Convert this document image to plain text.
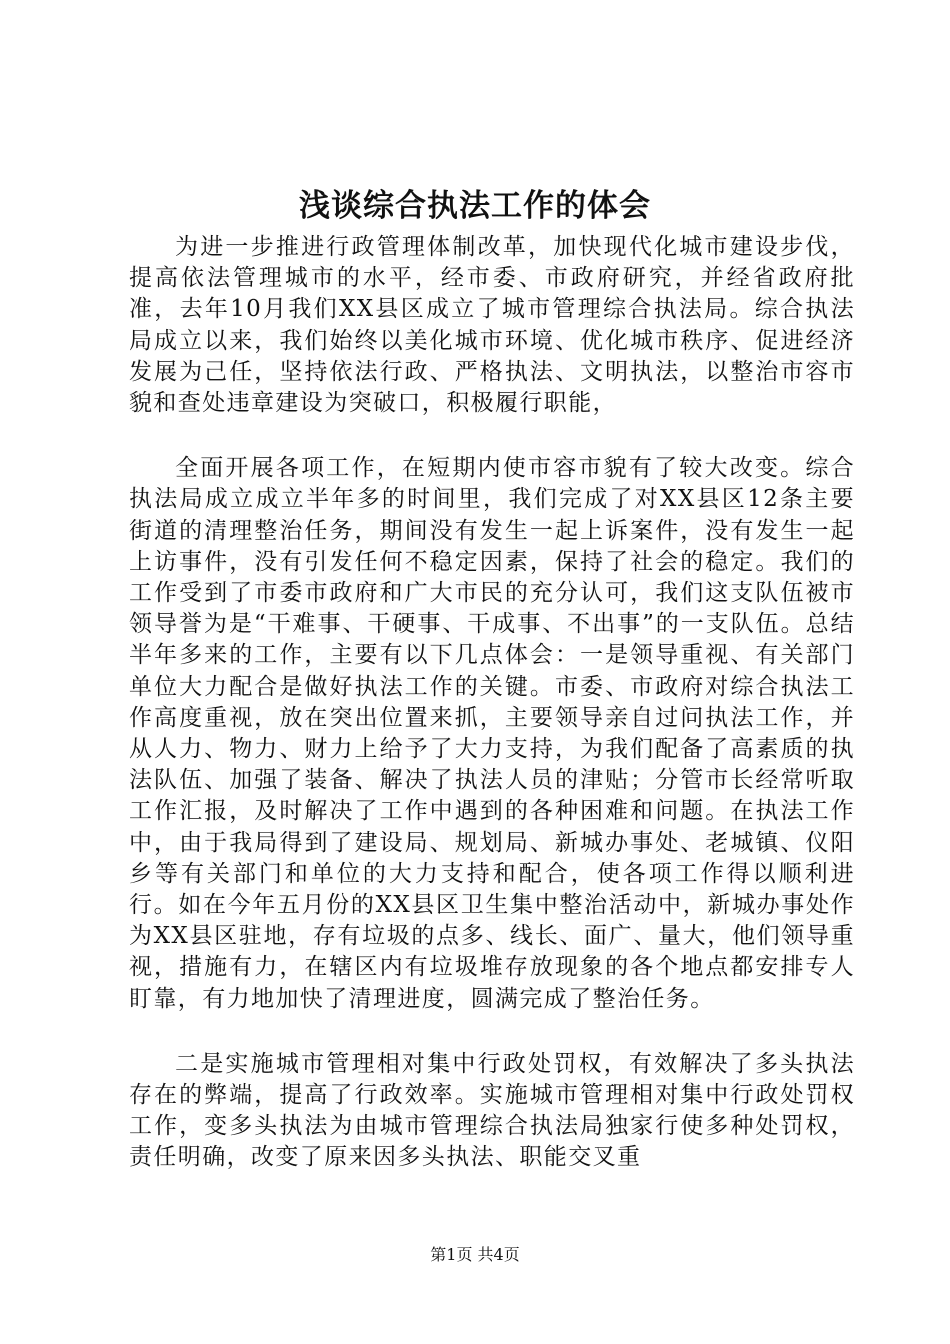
浅谈综合执法工作的体会

为进一步推进行政管理体制改革，加快现代化城市建设步伐，提高依法管理城市的水平，经市委、市政府研究，并经省政府批准，去年10月我们XX县区成立了城市管理综合执法局。综合执法局成立以来，我们始终以美化城市环境、优化城市秩序、促进经济发展为己任，坚持依法行政、严格执法、文明执法，以整治市容市貌和查处违章建设为突破口，积极履行职能，

全面开展各项工作，在短期内使市容市貌有了较大改变。综合执法局成立成立半年多的时间里，我们完成了对XX县区12条主要街道的清理整治任务，期间没有发生一起上诉案件，没有发生一起上访事件，没有引发任何不稳定因素，保持了社会的稳定。我们的工作受到了市委市政府和广大市民的充分认可，我们这支队伍被市领导誉为是“干难事、干硬事、干成事、不出事”的一支队伍。总结半年多来的工作，主要有以下几点体会：一是领导重视、有关部门单位大力配合是做好执法工作的关键。市委、市政府对综合执法工作高度重视，放在突出位置来抓，主要领导亲自过问执法工作，并从人力、物力、财力上给予了大力支持，为我们配备了高素质的执法队伍、加强了装备、解决了执法人员的津贴；分管市长经常听取工作汇报，及时解决了工作中遇到的各种困难和问题。在执法工作中，由于我局得到了建设局、规划局、新城办事处、老城镇、仪阳乡等有关部门和单位的大力支持和配合，使各项工作得以顺利进行。如在今年五月份的XX县区卫生集中整治活动中，新城办事处作为XX县区驻地，存有垃圾的点多、线长、面广、量大，他们领导重视，措施有力，在辖区内有垃圾堆存放现象的各个地点都安排专人盯靠，有力地加快了清理进度，圆满完成了整治任务。

二是实施城市管理相对集中行政处罚权，有效解决了多头执法存在的弊端，提高了行政效率。实施城市管理相对集中行政处罚权工作，变多头执法为由城市管理综合执法局独家行使多种处罚权，责任明确，改变了原来因多头执法、职能交叉重

第1页 共4页
